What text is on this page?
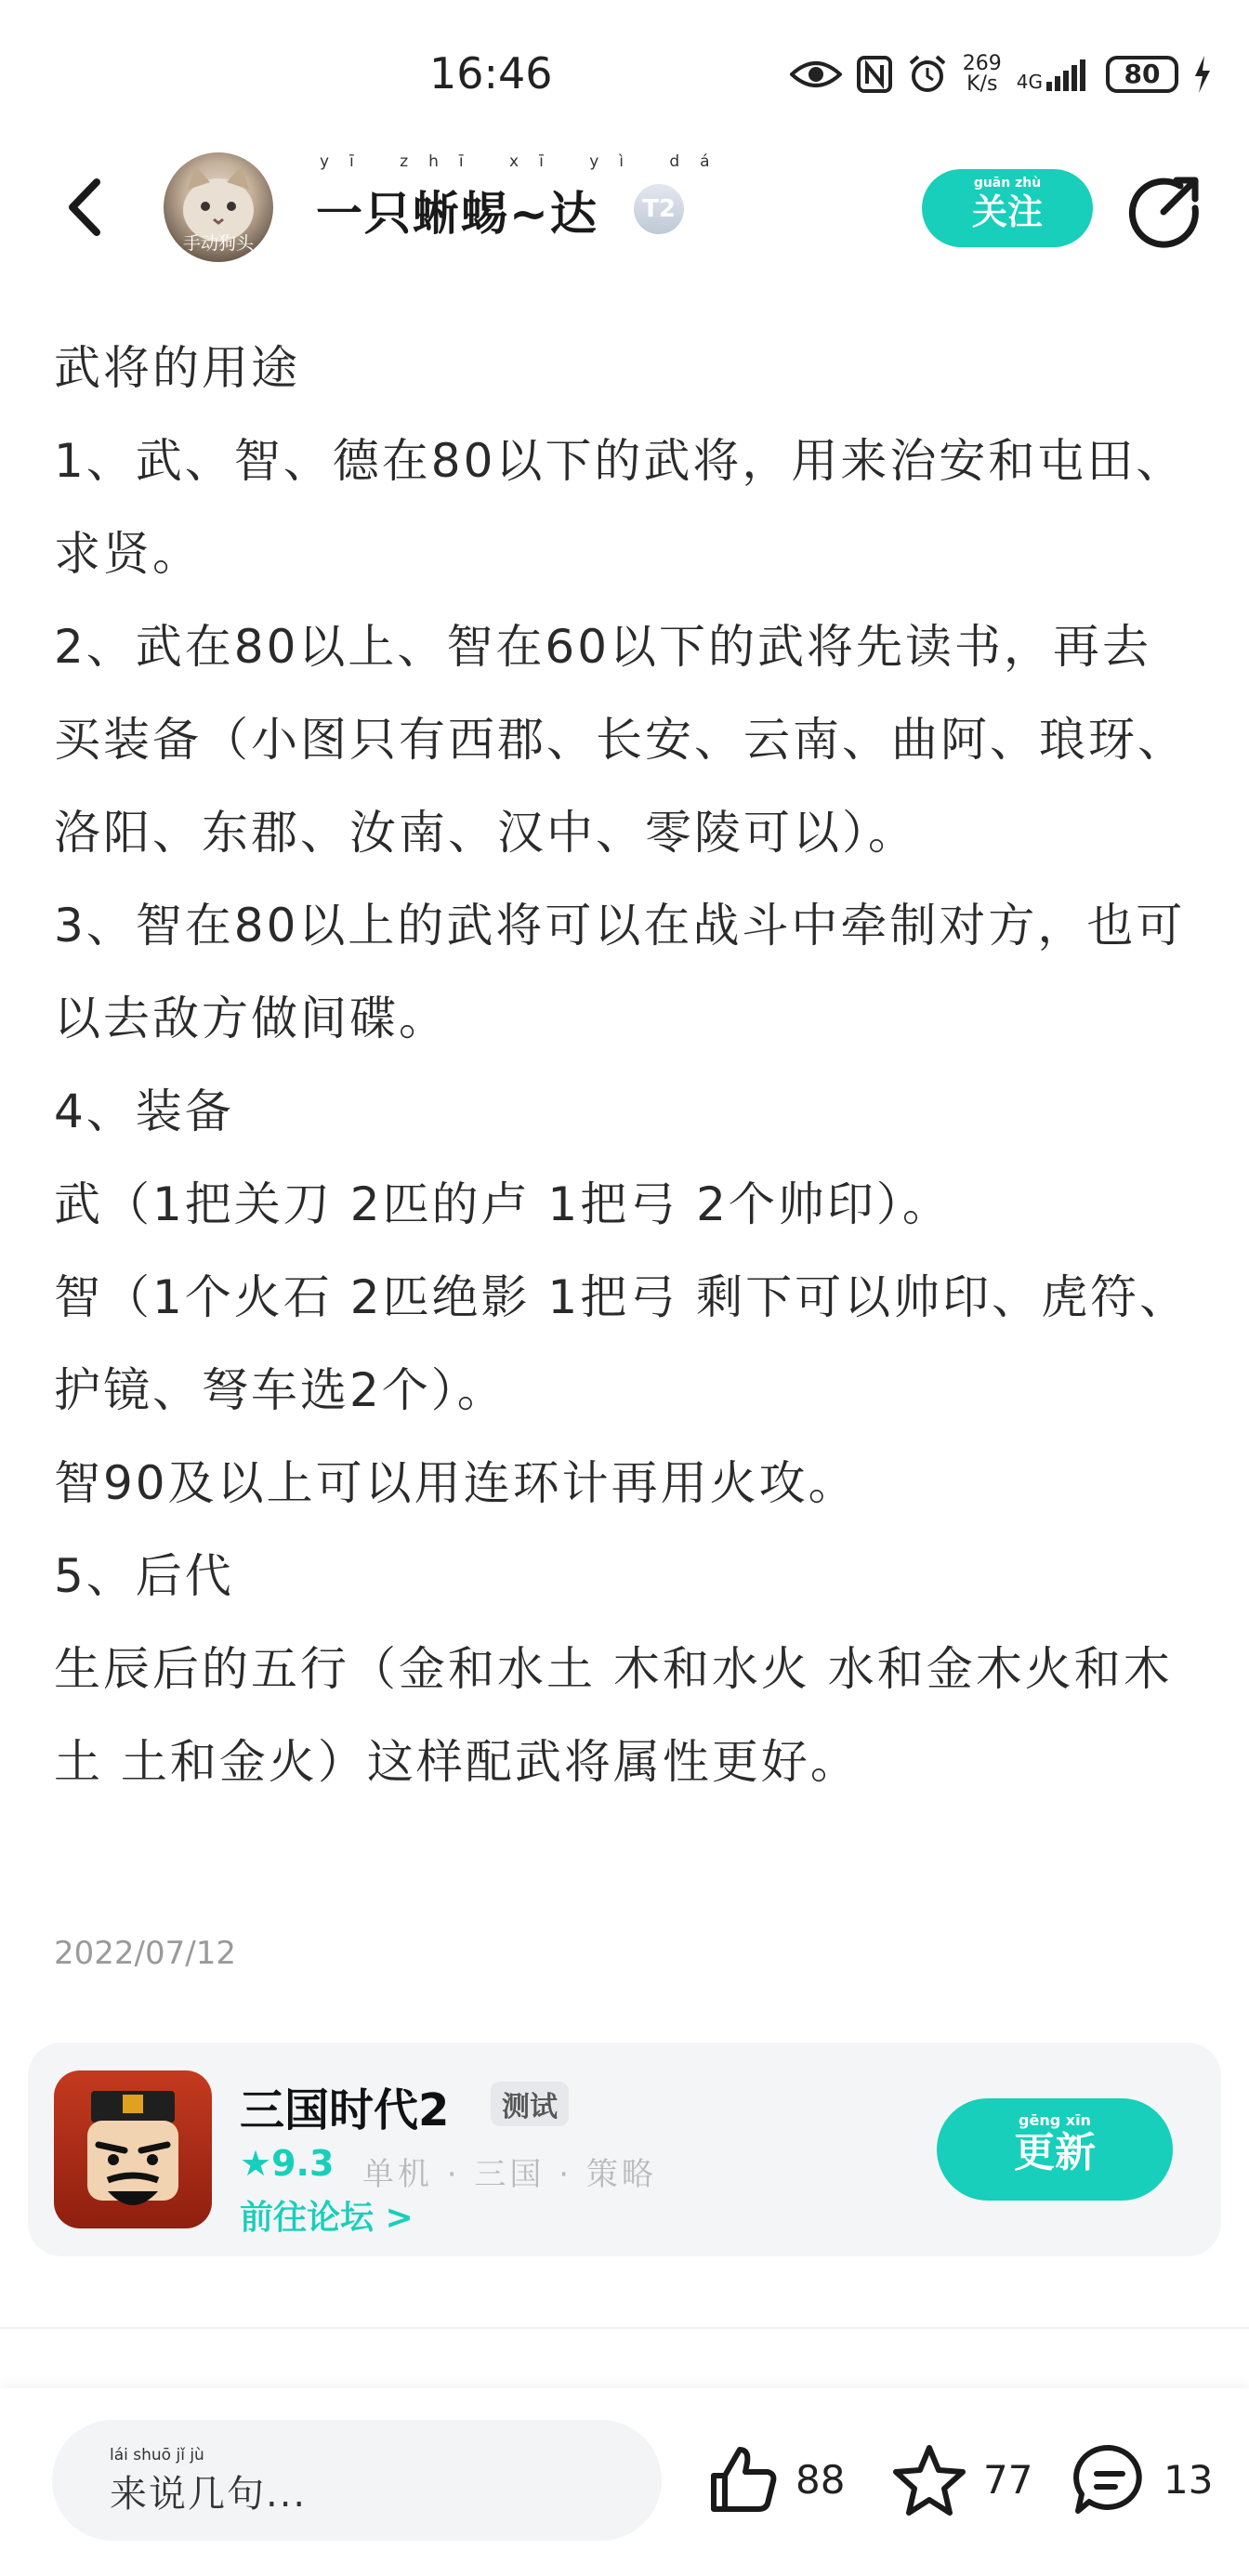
16:46	269
K/s 4G	80
手动狗头
yī zhī xī yì dá
一只蜥蜴~达	T2
guān zhù
关注

武将的用途

1、武、智、德在80以下的武将，用来治安和屯田、求贤。

2、武在80以上、智在60以下的武将先读书，再去买装备（小图只有西郡、长安、云南、曲阿、琅玡、洛阳、东郡、汝南、汉中、零陵可以）。

3、智在80以上的武将可以在战斗中牵制对方，也可以去敌方做间碟。

4、装备

武（1把关刀 2匹的卢 1把弓 2个帅印）。

智（1个火石 2匹绝影 1把弓 剩下可以帅印、虎符、护镜、弩车选2个）。

智90及以上可以用连环计再用火攻。

5、后代

生辰后的五行（金和水土 木和水火 水和金木火和木土 土和金火）这样配武将属性更好。

2022/07/12
三国时代2	测试
★9.3 单机 · 三国 · 策略
前往论坛 >
gēng xīn
更新
lái shuō jǐ jù
来说几句...	88	77	13
